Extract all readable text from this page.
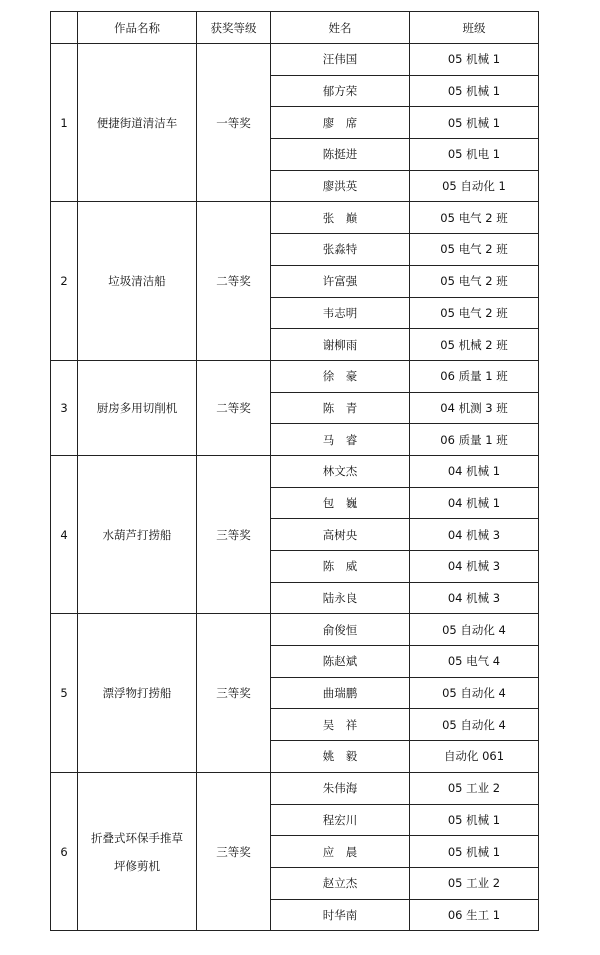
	作品名称	获奖等级	姓名	班级
1	便捷街道清洁车	一等奖	汪伟国	05 机械 1
			郁方荣	05 机械 1
			廖　席	05 机械 1
			陈挺进	05 机电 1
			廖洪英	05 自动化 1
2	垃圾清洁船	二等奖	张　巅	05 电气 2 班
			张淼特	05 电气 2 班
			许富强	05 电气 2 班
			韦志明	05 电气 2 班
			谢柳雨	05 机械 2 班
3	厨房多用切削机	二等奖	徐　豪	06 质量 1 班
			陈　青	04 机测 3 班
			马　睿	06 质量 1 班
4	水葫芦打捞船	三等奖	林文杰	04 机械 1
			包　巍	04 机械 1
			高树央	04 机械 3
			陈　威	04 机械 3
			陆永良	04 机械 3
5	漂浮物打捞船	三等奖	俞俊恒	05 自动化 4
			陈赵斌	05 电气 4
			曲瑞鹏	05 自动化 4
			吴　祥	05 自动化 4
			姚　毅	自动化 061
6	折叠式环保手推草
坪修剪机	三等奖	朱伟海	05 工业 2
			程宏川	05 机械 1
			应　晨	05 机械 1
			赵立杰	05 工业 2
			时华南	06 生工 1
